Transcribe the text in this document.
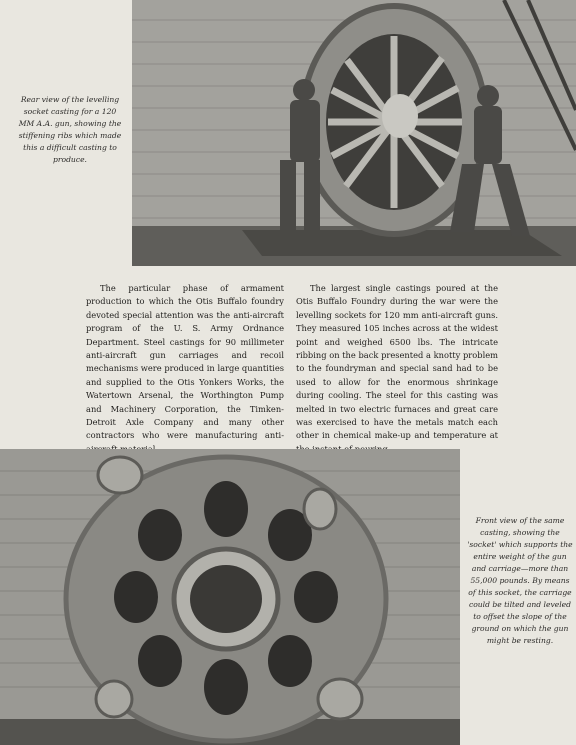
Rear view of the levelling socket casting for a 120 MM A.A. gun, showing the stiffening ribs which made this a difficult casting to produce.

The particular phase of armament production to which the Otis Buffalo foundry devoted special attention was the anti-aircraft program of the U. S. Army Ordnance Department. Steel castings for 90 millimeter anti-aircraft gun carriages and recoil mechanisms were produced in large quantities and supplied to the Otis Yonkers Works, the Watertown Arsenal, the Worthington Pump and Machinery Corporation, the Timken-Detroit Axle Company and many other contractors who were manufacturing anti-

The largest single castings poured at the Otis Buffalo Foundry during the war were the levelling sockets for 120 mm anti-aircraft guns. They measured 105 inches across at the widest point and weighed 6500 lbs. The intricate ribbing on the back presented a knotty problem to the foundryman and special sand had to be used to allow for the enormous shrinkage during cooling. The steel for this casting was melted in two electric furnaces and great care was exercised to have the metals match each other in chemical make-up and temperature at

Front view of the same casting, showing the 'socket' which supports the entire weight of the gun and carriage—more than 55,000 pounds. By means of this socket, the carriage could be tilted and leveled to offset the slope of the ground on which the gun might be resting.
